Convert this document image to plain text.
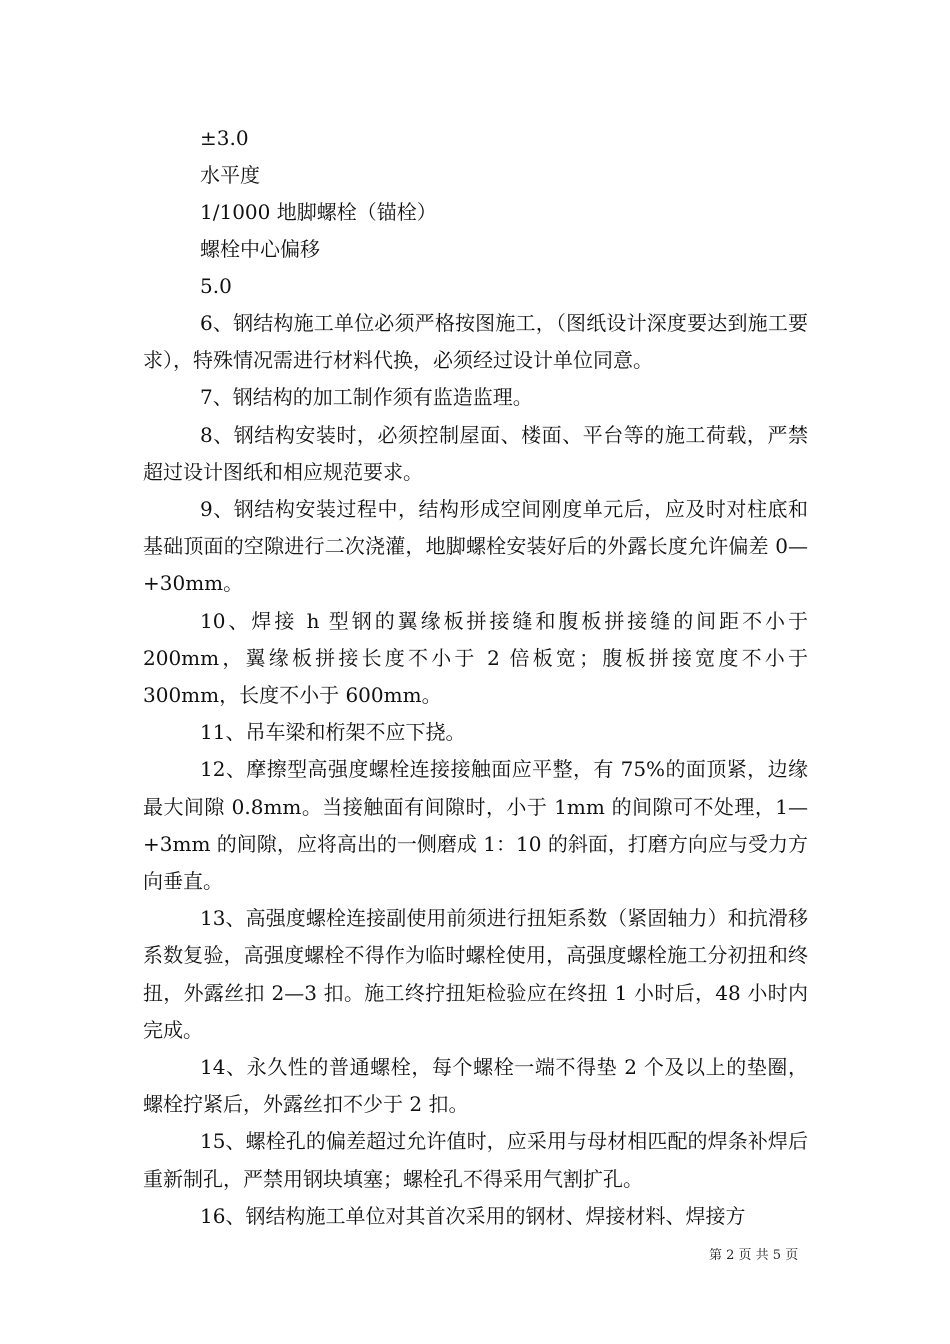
±3.0

水平度

1/1000 地脚螺栓（锚栓）

螺栓中心偏移

5.0

6、钢结构施工单位必须严格按图施工，（图纸设计深度要达到施工要求），特殊情况需进行材料代换，必须经过设计单位同意。

7、钢结构的加工制作须有监造监理。

8、钢结构安装时，必须控制屋面、楼面、平台等的施工荷载，严禁超过设计图纸和相应规范要求。

9、钢结构安装过程中，结构形成空间刚度单元后，应及时对柱底和基础顶面的空隙进行二次浇灌，地脚螺栓安装好后的外露长度允许偏差 0—+30mm。

10、焊接 h 型钢的翼缘板拼接缝和腹板拼接缝的间距不小于 200mm，翼缘板拼接长度不小于 2 倍板宽；腹板拼接宽度不小于 300mm，长度不小于 600mm。

11、吊车梁和桁架不应下挠。

12、摩擦型高强度螺栓连接接触面应平整，有 75%的面顶紧，边缘最大间隙 0.8mm。当接触面有间隙时，小于 1mm 的间隙可不处理，1—+3mm 的间隙，应将高出的一侧磨成 1：10 的斜面，打磨方向应与受力方向垂直。

13、高强度螺栓连接副使用前须进行扭矩系数（紧固轴力）和抗滑移系数复验，高强度螺栓不得作为临时螺栓使用，高强度螺栓施工分初扭和终扭，外露丝扣 2—3 扣。施工终拧扭矩检验应在终扭 1 小时后，48 小时内完成。

14、永久性的普通螺栓，每个螺栓一端不得垫 2 个及以上的垫圈，螺栓拧紧后，外露丝扣不少于 2 扣。

15、螺栓孔的偏差超过允许值时，应采用与母材相匹配的焊条补焊后重新制孔，严禁用钢块填塞；螺栓孔不得采用气割扩孔。

16、钢结构施工单位对其首次采用的钢材、焊接材料、焊接方

第 2 页 共 5 页
